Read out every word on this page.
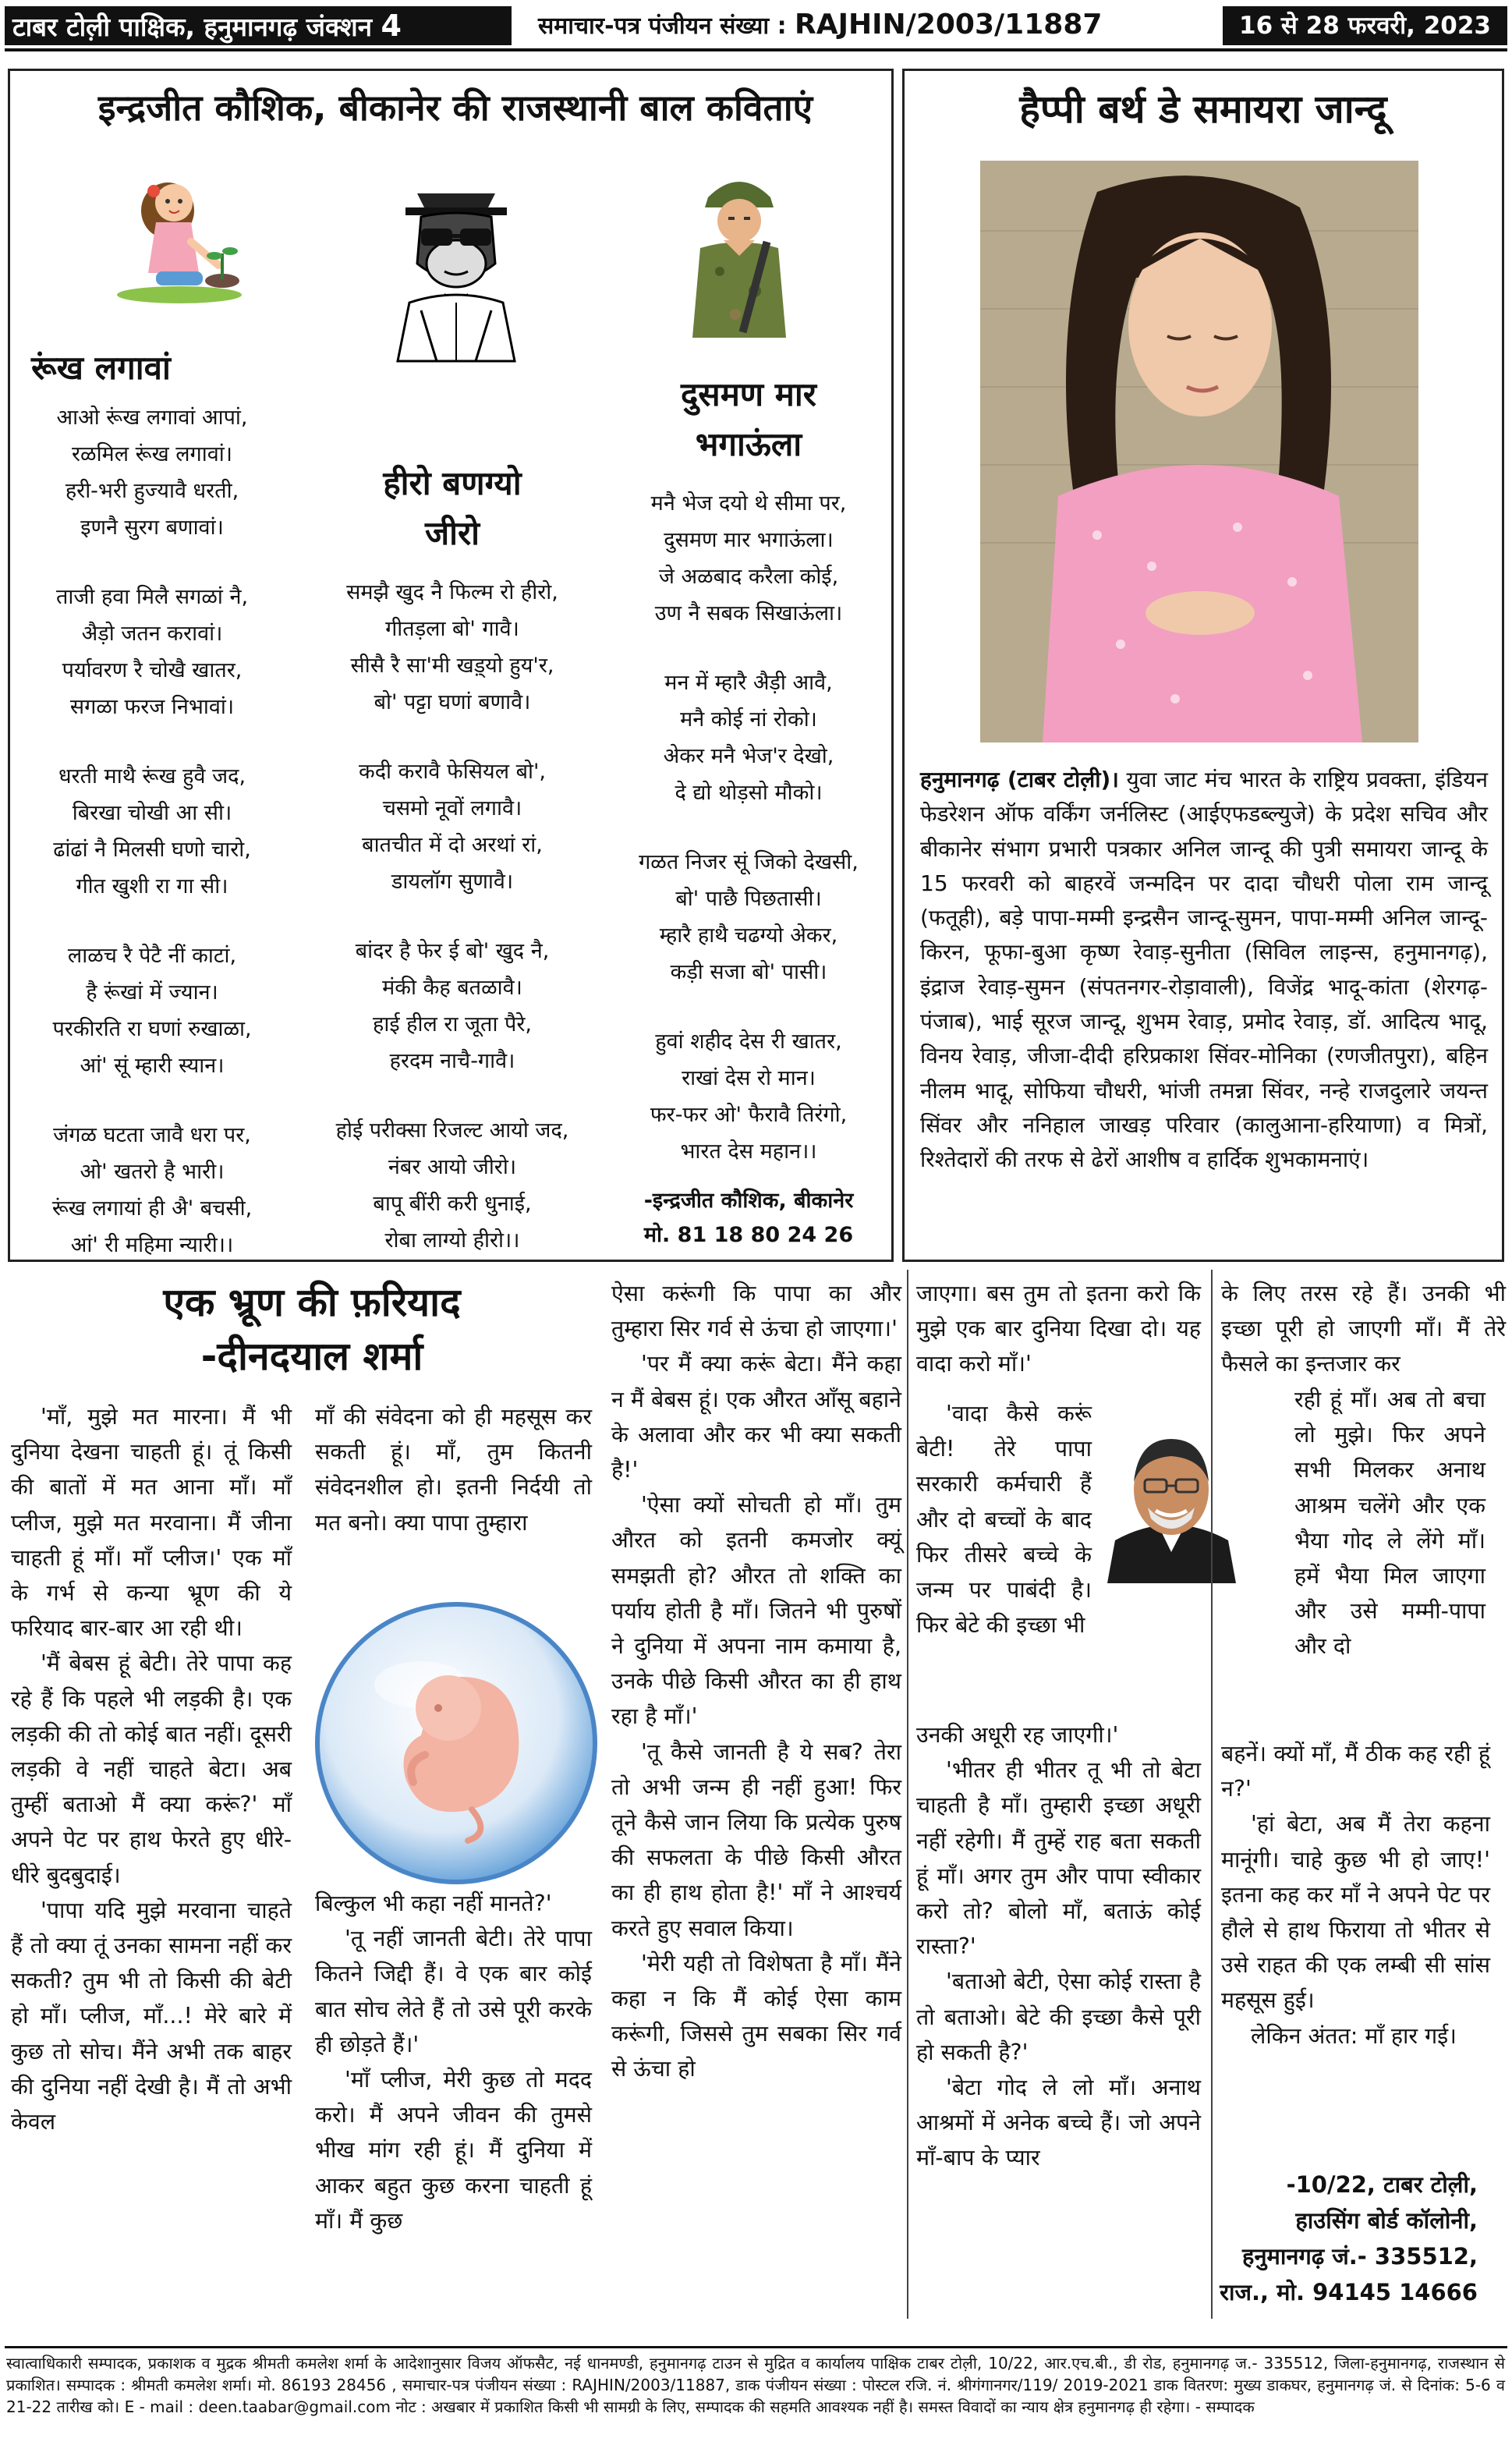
टाबर टोल़ी पाक्षिक, हनुमानगढ़ जंक्शन 4	समाचार-पत्र पंजीयन संख्या : RAJHIN/2003/11887	16 से 28 फरवरी, 2023
इन्द्रजीत कौशिक, बीकानेर की राजस्थानी बाल कविताएं
रूंख लगावां
आओ रूंख लगावां आपां,
रळमिल रूंख लगावां।
हरी-भरी हुज्यावै धरती,
इणनै सुरग बणावां।
ताजी हवा मिलै सगळां नै,
अैड़ो जतन करावां।
पर्यावरण रै चोखै खातर,
सगळा फरज निभावां।
धरती माथै रूंख हुवै जद,
बिरखा चोखी आ सी।
ढांढां नै मिलसी घणो चारो,
गीत खुशी रा गा सी।
लाळच रै पेटै नीं काटां,
है रूंखां में ज्यान।
परकीरति रा घणां रुखाळा,
आं' सूं म्हारी स्यान।
जंगळ घटता जावै धरा पर,
ओ' खतरो है भारी।
रूंख लगायां ही अै' बचसी,
आं' री महिमा न्यारी।।
हीरो बणग्यो
जीरो
समझै खुद नै फिल्म रो हीरो,
गीतड़ला बो' गावै।
सीसै रै सा'मी खड़्यो हुय'र,
बो' पट्टा घणां बणावै।
कदी करावै फेसियल बो',
चसमो नूवों लगावै।
बातचीत में दो अरथां रां,
डायलॉग सुणावै।
बांदर है फेर ई बो' खुद नै,
मंकी कैह बतळावै।
हाई हील रा जूता पैरे,
हरदम नाचै-गावै।
होई परीक्सा रिजल्ट आयो जद,
नंबर आयो जीरो।
बापू बींरी करी धुनाई,
रोबा लाग्यो हीरो।।
दुसमण मार
भगाऊंला
मनै भेज दयो थे सीमा पर,
दुसमण मार भगाऊंला।
जे अळबाद करैला कोई,
उण नै सबक सिखाऊंला।
मन में म्हारै अैड़ी आवै,
मनै कोई नां रोको।
अेकर मनै भेज'र देखो,
दे द्यो थोड़सो मौको।
गळत निजर सूं जिको देखसी,
बो' पाछै पिछतासी।
म्हारै हाथै चढग्यो अेकर,
कड़ी सजा बो' पासी।
हुवां शहीद देस री खातर,
राखां देस रो मान।
फर-फर ओ' फैरावै तिरंगो,
भारत देस महान।।
-इन्द्रजीत कौशिक, बीकानेर
मो. 81 18 80 24 26
हैप्पी बर्थ डे समायरा जान्दू
हनुमानगढ़ (टाबर टोल़ी)। युवा जाट मंच भारत के राष्ट्रिय प्रवक्ता, इंडियन फेडरेशन ऑफ वर्किंग जर्नलिस्ट (आईएफडब्ल्युजे) के प्रदेश सचिव और बीकानेर संभाग प्रभारी पत्रकार अनिल जान्दू की पुत्री समायरा जान्दू के 15 फरवरी को बाहरवें जन्मदिन पर दादा चौधरी पोला राम जान्दू (फतूही), बड़े पापा-मम्मी इन्द्रसैन जान्दू-सुमन, पापा-मम्मी अनिल जान्दू-किरन, फूफा-बुआ कृष्ण रेवाड़-सुनीता (सिविल लाइन्स, हनुमानगढ़), इंद्राज रेवाड़-सुमन (संपतनगर-रोड़ावाली), विजेंद्र भादू-कांता (शेरगढ़-पंजाब), भाई सूरज जान्दू, शुभम रेवाड़, प्रमोद रेवाड़, डॉ. आदित्य भादू, विनय रेवाड़, जीजा-दीदी हरिप्रकाश सिंवर-मोनिका (रणजीतपुरा), बहिन नीलम भादू, सोफिया चौधरी, भांजी तमन्ना सिंवर, नन्हे राजदुलारे जयन्त सिंवर और ननिहाल जाखड़ परिवार (कालुआना-हरियाणा) व मित्रों, रिश्तेदारों की तरफ से ढेरों आशीष व हार्दिक शुभकामनाएं।
एक भ्रूण की फ़रियाद
-दीनदयाल शर्मा

'माँ, मुझे मत मारना। मैं भी दुनिया देखना चाहती हूं। तूं किसी की बातों में मत आना माँ। माँ प्लीज, मुझे मत मरवाना। मैं जीना चाहती हूं माँ। माँ प्लीज।' एक माँ के गर्भ से कन्या भ्रूण की ये फरियाद बार-बार आ रही थी।

'मैं बेबस हूं बेटी। तेरे पापा कह रहे हैं कि पहले भी लड़की है। एक लड़की की तो कोई बात नहीं। दूसरी लड़की वे नहीं चाहते बेटा। अब तुम्हीं बताओ मैं क्या करूं?' माँ अपने पेट पर हाथ फेरते हुए धीरे-धीरे बुदबुदाई।

'पापा यदि मुझे मरवाना चाहते हैं तो क्या तूं उनका सामना नहीं कर सकती? तुम भी तो किसी की बेटी हो माँ। प्लीज, माँ...! मेरे बारे में कुछ तो सोच। मैंने अभी तक बाहर की दुनिया नहीं देखी है। मैं तो अभी केवल

माँ की संवेदना को ही महसूस कर सकती हूं। माँ, तुम कितनी संवेदनशील हो। इतनी निर्दयी तो मत बनो। क्या पापा तुम्हारा

बिल्कुल भी कहा नहीं मानते?'

'तू नहीं जानती बेटी। तेरे पापा कितने जिद्दी हैं। वे एक बार कोई बात सोच लेते हैं तो उसे पूरी करके ही छोड़ते हैं।'

'माँ प्लीज, मेरी कुछ तो मदद करो। मैं अपने जीवन की तुमसे भीख मांग रही हूं। मैं दुनिया में आकर बहुत कुछ करना चाहती हूं माँ। मैं कुछ

ऐसा करूंगी कि पापा का और तुम्हारा सिर गर्व से ऊंचा हो जाएगा।'

'पर मैं क्या करूं बेटा। मैंने कहा न मैं बेबस हूं। एक औरत आँसू बहाने के अलावा और कर भी क्या सकती है!'

'ऐसा क्यों सोचती हो माँ। तुम औरत को इतनी कमजोर क्यूं समझती हो? औरत तो शक्ति का पर्याय होती है माँ। जितने भी पुरुषों ने दुनिया में अपना नाम कमाया है, उनके पीछे किसी औरत का ही हाथ रहा है माँ।'

'तू कैसे जानती है ये सब? तेरा तो अभी जन्म ही नहीं हुआ! फिर तूने कैसे जान लिया कि प्रत्येक पुरुष की सफलता के पीछे किसी औरत का ही हाथ होता है!' माँ ने आश्चर्य करते हुए सवाल किया।

'मेरी यही तो विशेषता है माँ। मैंने कहा न कि मैं कोई ऐसा काम करूंगी, जिससे तुम सबका सिर गर्व से ऊंचा हो

जाएगा। बस तुम तो इतना करो कि मुझे एक बार दुनिया दिखा दो। यह वादा करो माँ।'

'वादा कैसे करूं बेटी! तेरे पापा सरकारी कर्मचारी हैं और दो बच्चों के बाद फिर तीसरे बच्चे के जन्म पर पाबंदी है। फिर बेटे की इच्छा भी

उनकी अधूरी रह जाएगी।'

'भीतर ही भीतर तू भी तो बेटा चाहती है माँ। तुम्हारी इच्छा अधूरी नहीं रहेगी। मैं तुम्हें राह बता सकती हूं माँ। अगर तुम और पापा स्वीकार करो तो? बोलो माँ, बताऊं कोई रास्ता?'

'बताओ बेटी, ऐसा कोई रास्ता है तो बताओ। बेटे की इच्छा कैसे पूरी हो सकती है?'

'बेटा गोद ले लो माँ। अनाथ आश्रमों में अनेक बच्चे हैं। जो अपने माँ-बाप के प्यार

के लिए तरस रहे हैं। उनकी भी इच्छा पूरी हो जाएगी माँ। मैं तेरे फैसले का इन्तजार कर

रही हूं माँ। अब तो बचा लो मुझे। फिर अपने सभी मिलकर अनाथ आश्रम चलेंगे और एक भैया गोद ले लेंगे माँ। हमें भैया मिल जाएगा और उसे मम्मी-पापा और दो

बहनें। क्यों माँ, मैं ठीक कह रही हूं न?'

'हां बेटा, अब मैं तेरा कहना मानूंगी। चाहे कुछ भी हो जाए!' इतना कह कर माँ ने अपने पेट पर हौले से हाथ फिराया तो भीतर से उसे राहत की एक लम्बी सी सांस महसूस हुई।

लेकिन अंतत: माँ हार गई।

-10/22, टाबर टोल़ी,
हाउसिंग बोर्ड कॉलोनी,
हनुमानगढ़ जं.- 335512,
राज., मो. 94145 14666
स्वात्वाधिकारी सम्पादक, प्रकाशक व मुद्रक श्रीमती कमलेश शर्मा के आदेशानुसार विजय ऑफसैट, नई धानमण्डी, हनुमानगढ़ टाउन से मुद्रित व कार्यालय पाक्षिक टाबर टोल़ी, 10/22, आर.एच.बी., डी रोड, हनुमानगढ़ ज.- 335512, जिला-हनुमानगढ़, राजस्थान से प्रकाशित। सम्पादक : श्रीमती कमलेश शर्मा। मो. 86193 28456 , समाचार-पत्र पंजीयन संख्या : RAJHIN/2003/11887, डाक पंजीयन संख्या : पोस्टल रजि. नं. श्रीगंगानगर/119/ 2019-2021 डाक वितरण: मुख्य डाकघर, हनुमानगढ़ जं. से दिनांक: 5-6 व 21-22 तारीख को। E - mail : deen.taabar@gmail.com नोट : अखबार में प्रकाशित किसी भी सामग्री के लिए, सम्पादक की सहमति आवश्यक नहीं है। समस्त विवादों का न्याय क्षेत्र हनुमानगढ़ ही रहेगा। - सम्पादक
